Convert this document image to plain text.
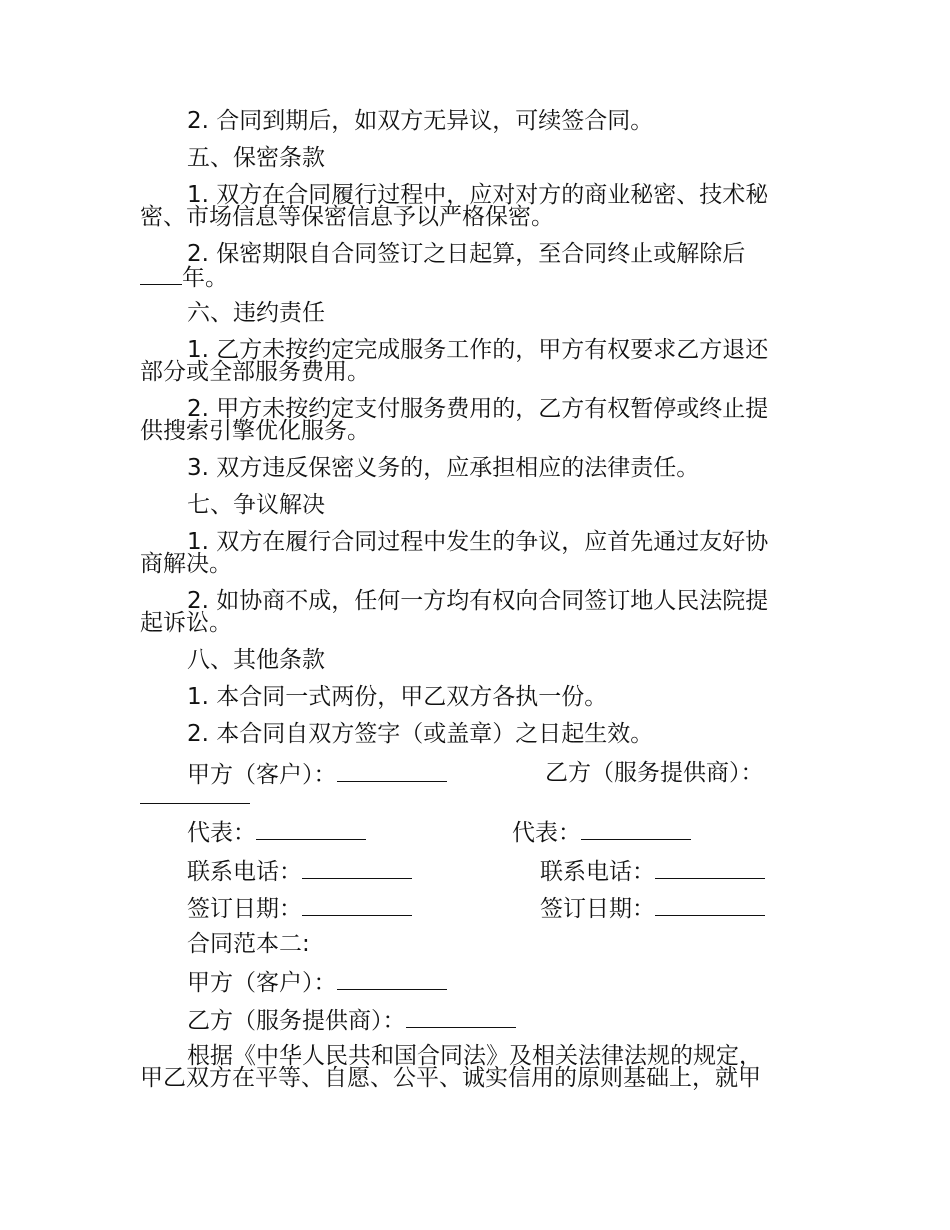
2. 合同到期后，如双方无异议，可续签合同。
五、保密条款
1. 双方在合同履行过程中，应对对方的商业秘密、技术秘
密、市场信息等保密信息予以严格保密。
2. 保密期限自合同签订之日起算，至合同终止或解除后
年。
六、违约责任
1. 乙方未按约定完成服务工作的，甲方有权要求乙方退还
部分或全部服务费用。
2. 甲方未按约定支付服务费用的，乙方有权暂停或终止提
供搜索引擎优化服务。
3. 双方违反保密义务的，应承担相应的法律责任。
七、争议解决
1. 双方在履行合同过程中发生的争议，应首先通过友好协
商解决。
2. 如协商不成，任何一方均有权向合同签订地人民法院提
起诉讼。
八、其他条款
1. 本合同一式两份，甲乙双方各执一份。
2. 本合同自双方签字（或盖章）之日起生效。
甲方（客户）：	乙方（服务提供商）：
代表：	代表：
联系电话：	联系电话：
签订日期：	签订日期：
合同范本二:
甲方（客户）：
乙方（服务提供商）：
根据《中华人民共和国合同法》及相关法律法规的规定，
甲乙双方在平等、自愿、公平、诚实信用的原则基础上，就甲
